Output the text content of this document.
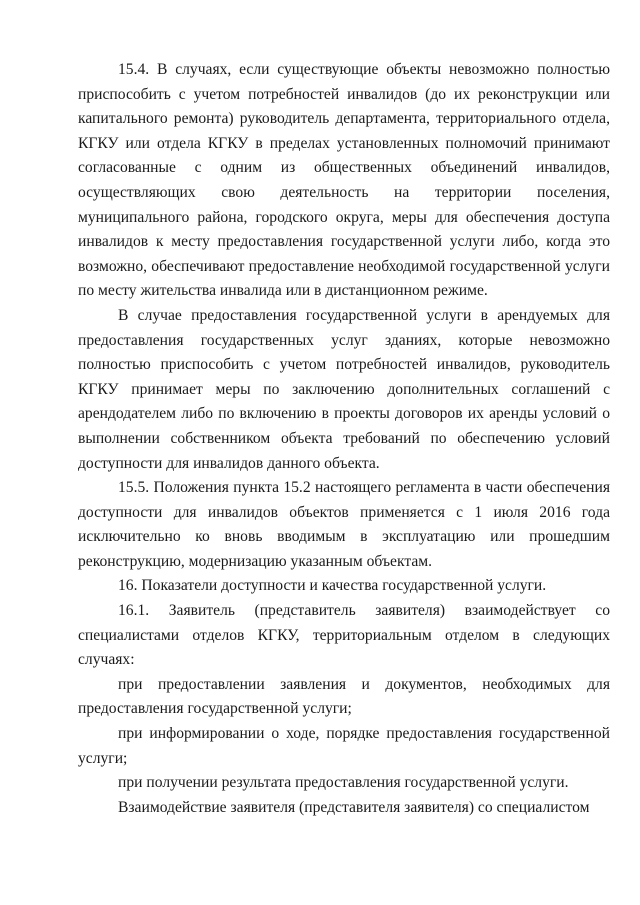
15.4. В случаях, если существующие объекты невозможно полностью приспособить с учетом потребностей инвалидов (до их реконструкции или капитального ремонта) руководитель департамента, территориального отдела, КГКУ или отдела КГКУ в пределах установленных полномочий принимают согласованные с одним из общественных объединений инвалидов, осуществляющих свою деятельность на территории поселения, муниципального района, городского округа, меры для обеспечения доступа инвалидов к месту предоставления государственной услуги либо, когда это возможно, обеспечивают предоставление необходимой государственной услуги по месту жительства инвалида или в дистанционном режиме.

В случае предоставления государственной услуги в арендуемых для предоставления государственных услуг зданиях, которые невозможно полностью приспособить с учетом потребностей инвалидов, руководитель КГКУ принимает меры по заключению дополнительных соглашений с арендодателем либо по включению в проекты договоров их аренды условий о выполнении собственником объекта требований по обеспечению условий доступности для инвалидов данного объекта.

15.5. Положения пункта 15.2 настоящего регламента в части обеспечения доступности для инвалидов объектов применяется с 1 июля 2016 года исключительно ко вновь вводимым в эксплуатацию или прошедшим реконструкцию, модернизацию указанным объектам.

16. Показатели доступности и качества государственной услуги.

16.1. Заявитель (представитель заявителя) взаимодействует со специалистами отделов КГКУ, территориальным отделом в следующих случаях:

при предоставлении заявления и документов, необходимых для предоставления государственной услуги;

при информировании о ходе, порядке предоставления государственной услуги;

при получении результата предоставления государственной услуги.

Взаимодействие заявителя (представителя заявителя) со специалистом
